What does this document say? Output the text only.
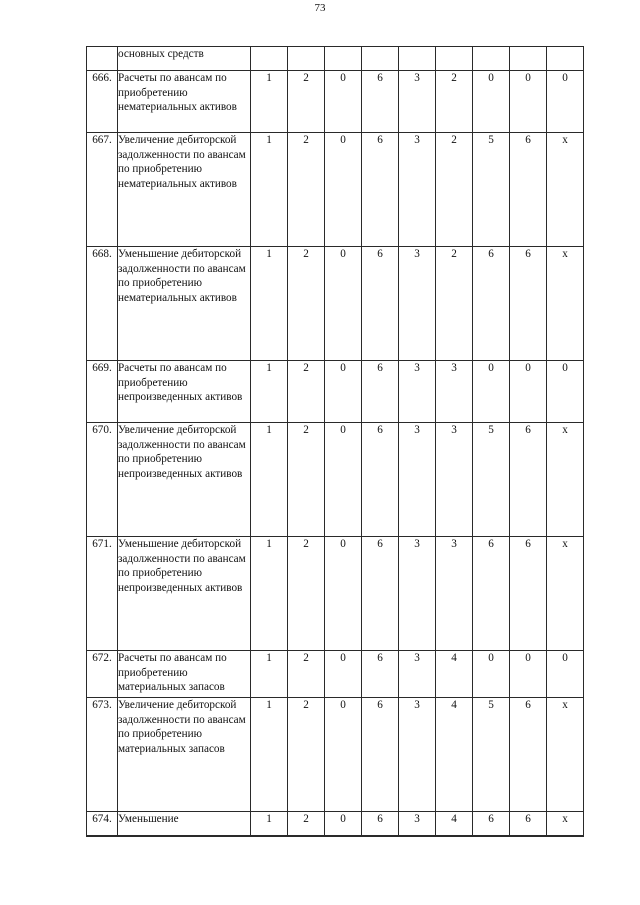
73
	основных средств									
666.	Расчеты по авансам по приобретению нематериальных активов	1	2	0	6	3	2	0	0	0
667.	Увеличение дебиторской задолженности по авансам по приобретению нематериальных активов	1	2	0	6	3	2	5	6	x
668.	Уменьшение дебиторской задолженности по авансам по приобретению нематериальных активов	1	2	0	6	3	2	6	6	x
669.	Расчеты по авансам по приобретению непроизведенных активов	1	2	0	6	3	3	0	0	0
670.	Увеличение дебиторской задолженности по авансам по приобретению непроизведенных активов	1	2	0	6	3	3	5	6	x
671.	Уменьшение дебиторской задолженности по авансам по приобретению непроизведенных активов	1	2	0	6	3	3	6	6	x
672.	Расчеты по авансам по приобретению материальных запасов	1	2	0	6	3	4	0	0	0
673.	Увеличение дебиторской задолженности по авансам по приобретению материальных запасов	1	2	0	6	3	4	5	6	x
674.	Уменьшение	1	2	0	6	3	4	6	6	x
